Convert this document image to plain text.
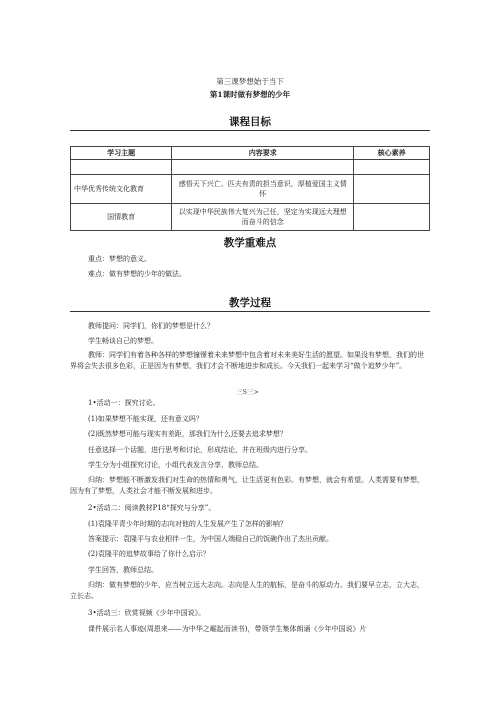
第三课梦想始于当下
第1课时做有梦想的少年
课程目标
学习主题	内容要求	核心素养

中华优秀传统文化教育	感悟天下兴亡、匹夫有责的担当意识，厚植爱国主义情怀	
国情教育	以实现中华民族伟大复兴为己任，坚定为实现远大理想而奋斗的信念	
教学重难点
重点：梦想的意义。
难点：做有梦想的少年的做法。
教学过程
教师提问：同学们，你们的梦想是什么？
学生畅谈自己的梦想。
教师：同学们有着各种各样的梦想憧憬着未来梦想中包含着对未来美好生活的愿望。如果没有梦想，我们的世界将会失去很多色彩，正是因为有梦想，我们才会不断地进步和成长。今天我们一起来学习“做个追梦少年”。
三S三>
1•活动一：探究讨论。
(1)如果梦想不能实现，还有意义吗？
(2)既然梦想可能与现实有差距，那我们为什么还要去追求梦想？
任意选择一个话题，进行思考和讨论，形成结论，并在班级内进行分享。
学生分为小组探究讨论，小组代表发言分享，教师总结。
归纳：梦想能不断激发我们对生命的热情和勇气，让生活更有色彩。有梦想，就会有希望。人类需要有梦想，因为有了梦想，人类社会才能不断发展和进步。
2•活动二：阅读教材P18“探究与分享”。
(1)袁隆平青少年时期的志向对他的人生发展产生了怎样的影响？
答案提示：袁隆平与农业相伴一生，为中国人端稳自己的饭碗作出了杰出贡献。
(2)袁隆平的追梦故事给了你什么启示？
学生回答，教师总结。
归纳：做有梦想的少年，应当树立远大志向。志向是人生的航标，是奋斗的原动力。我们要早立志，立大志，立长志。
3•活动三：欣赏视频《少年中国说》。
课件展示名人事迹(周恩来——为中华之崛起而读书)，带领学生集体朗诵《少年中国说》片
